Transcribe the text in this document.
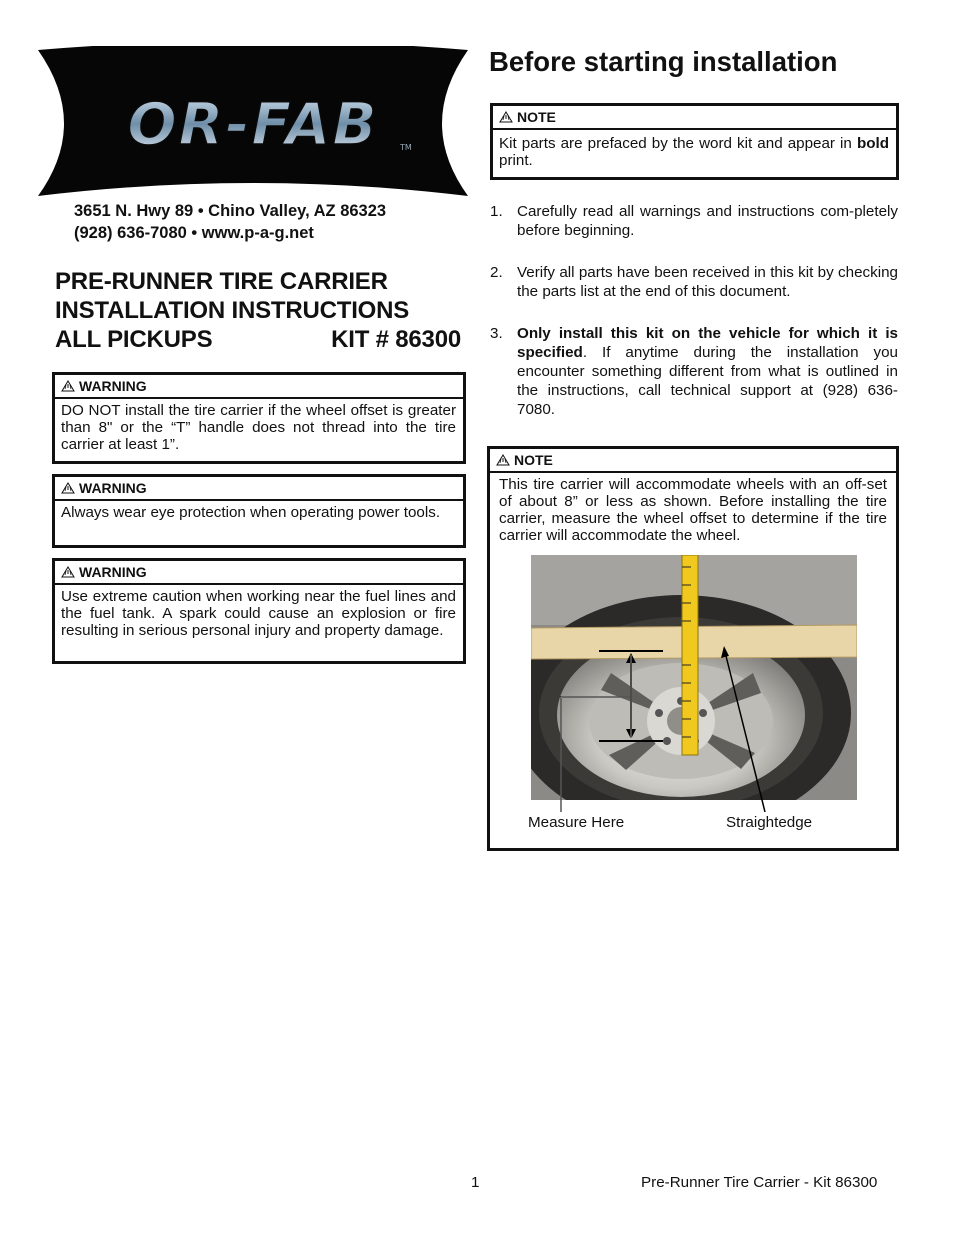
OR-FAB	TM
3651 N. Hwy 89 • Chino Valley, AZ 86323
(928) 636-7080 • www.p-a-g.net
PRE-RUNNER TIRE CARRIER
INSTALLATION INSTRUCTIONS
ALL PICKUPS	KIT # 86300
WARNING
DO NOT install the tire carrier if the wheel offset is greater than 8" or the “T” handle does not thread into the tire carrier at least 1”.
WARNING
Always wear eye protection when operating power tools.
WARNING
Use extreme caution when working near the fuel lines and the fuel tank. A spark could cause an explosion or fire resulting in serious personal injury and property damage.
Before starting installation
NOTE
Kit parts are prefaced by the word kit and appear in bold print.
1. Carefully read all warnings and instructions com-pletely before beginning.
2. Verify all parts have been received in this kit by checking the parts list at the end of this document.
3. Only install this kit on the vehicle for which it is specified. If anytime during the installation you encounter something different from what is outlined in the instructions, call technical support at (928) 636-7080.
NOTE
This tire carrier will accommodate wheels with an off-set of about 8” or less as shown. Before installing the tire carrier, measure the wheel offset to determine if the tire carrier will accommodate the wheel.
Measure Here	Straightedge
1	Pre-Runner Tire Carrier - Kit 86300
